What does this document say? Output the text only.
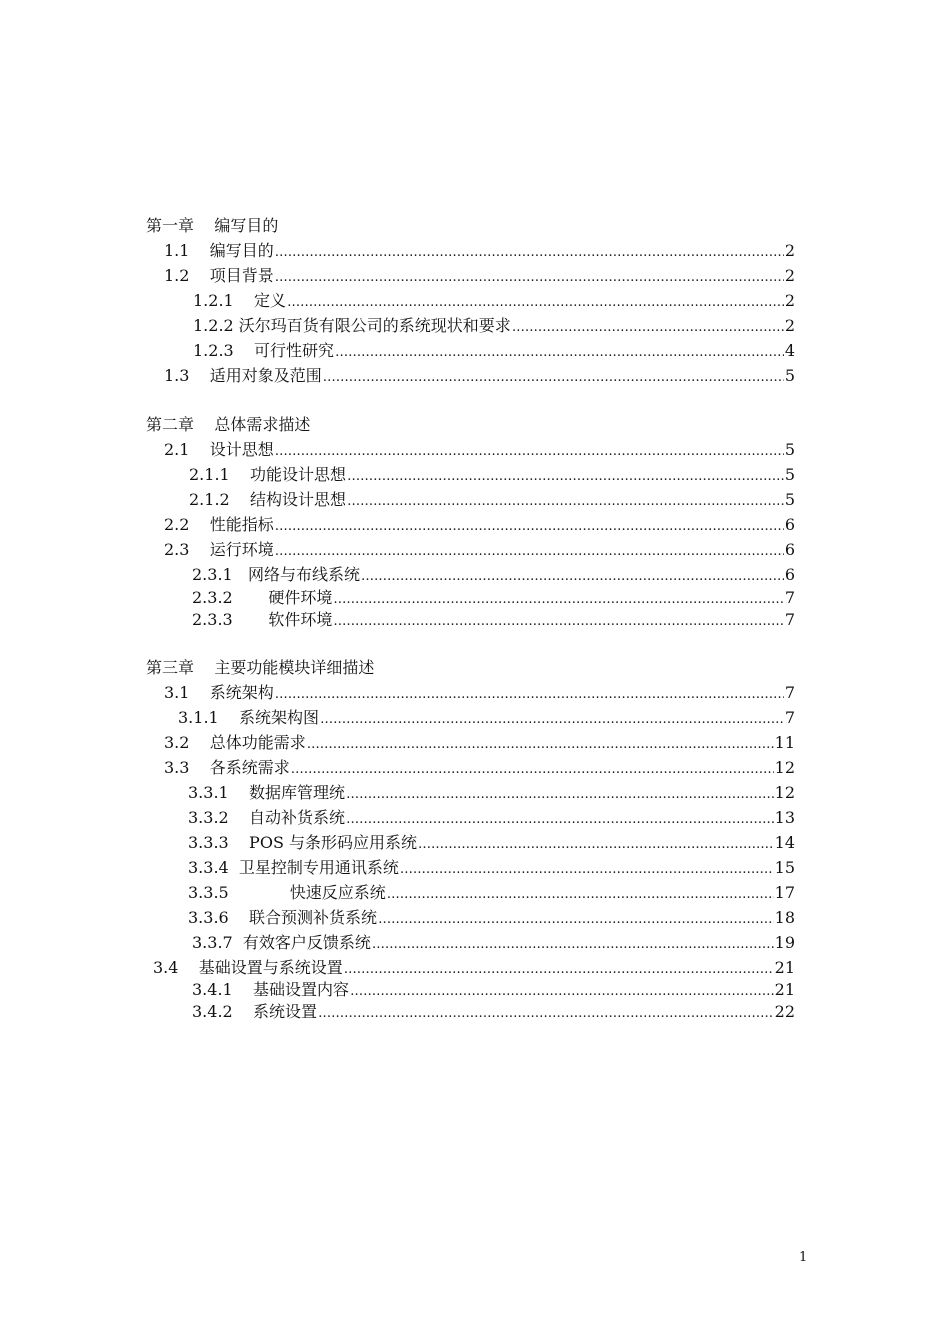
第一章    编写目的
1.1    编写目的 …………………………………………………………………………………………………………………………………………………………………………………………	2
1.2    项目背景 …………………………………………………………………………………………………………………………………………………………………………………………	2
1.2.1    定义 …………………………………………………………………………………………………………………………………………………………………………………………	2
1.2.2 沃尔玛百货有限公司的系统现状和要求 …………………………………………………………………………………………………………………………………………………………………………………………	2
1.2.3    可行性研究 …………………………………………………………………………………………………………………………………………………………………………………………	4
1.3    适用对象及范围 …………………………………………………………………………………………………………………………………………………………………………………………	5
第二章    总体需求描述
2.1    设计思想 …………………………………………………………………………………………………………………………………………………………………………………………	5
2.1.1    功能设计思想 …………………………………………………………………………………………………………………………………………………………………………………………	5
2.1.2    结构设计思想 …………………………………………………………………………………………………………………………………………………………………………………………	5
2.2    性能指标 …………………………………………………………………………………………………………………………………………………………………………………………	6
2.3    运行环境 …………………………………………………………………………………………………………………………………………………………………………………………	6
2.3.1   网络与布线系统 …………………………………………………………………………………………………………………………………………………………………………………………	6
2.3.2       硬件环境 …………………………………………………………………………………………………………………………………………………………………………………………	7
2.3.3       软件环境 …………………………………………………………………………………………………………………………………………………………………………………………	7
第三章    主要功能模块详细描述
3.1    系统架构 …………………………………………………………………………………………………………………………………………………………………………………………	7
3.1.1    系统架构图 …………………………………………………………………………………………………………………………………………………………………………………………	7
3.2    总体功能需求 …………………………………………………………………………………………………………………………………………………………………………………………	11
3.3    各系统需求 …………………………………………………………………………………………………………………………………………………………………………………………	12
3.3.1    数据库管理统 …………………………………………………………………………………………………………………………………………………………………………………………	12
3.3.2    自动补货系统 …………………………………………………………………………………………………………………………………………………………………………………………	13
3.3.3    POS 与条形码应用系统 …………………………………………………………………………………………………………………………………………………………………………………………	14
3.3.4  卫星控制专用通讯系统 …………………………………………………………………………………………………………………………………………………………………………………………	15
3.3.5            快速反应系统 …………………………………………………………………………………………………………………………………………………………………………………………	17
3.3.6    联合预测补货系统 …………………………………………………………………………………………………………………………………………………………………………………………	18
3.3.7  有效客户反馈系统 …………………………………………………………………………………………………………………………………………………………………………………………	19
3.4    基础设置与系统设置 …………………………………………………………………………………………………………………………………………………………………………………………	21
3.4.1    基础设置内容 …………………………………………………………………………………………………………………………………………………………………………………………	21
3.4.2    系统设置 …………………………………………………………………………………………………………………………………………………………………………………………	22
1
